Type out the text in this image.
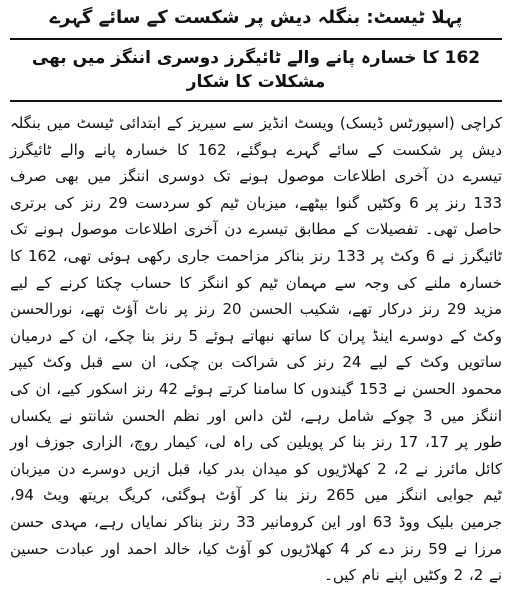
پہلا ٹیسٹ: بنگلہ دیش پر شکست کے سائے گہرے
162 کا خسارہ پانے والے ٹائیگرز دوسری اننگز میں بھی مشکلات کا شکار

کراچی (اسپورٹس ڈیسک) ویسٹ انڈیز سے سیریز کے ابتدائی ٹیسٹ میں بنگلہ دیش پر شکست کے سائے گہرے ہوگئے، 162 کا خسارہ پانے والے ٹائیگرز تیسرے دن آخری اطلاعات موصول ہونے تک دوسری اننگز میں بھی صرف 133 رنز پر 6 وکٹیں گنوا بیٹھے، میزبان ٹیم کو سردست 29 رنز کی برتری حاصل تھی۔ تفصیلات کے مطابق تیسرے دن آخری اطلاعات موصول ہونے تک ٹائیگرز نے 6 وکٹ پر 133 رنز بناکر مزاحمت جاری رکھی ہوئی تھی، 162 کا خسارہ ملنے کی وجہ سے مہمان ٹیم کو اننگز کا حساب چکتا کرنے کے لیے مزید 29 رنز درکار تھے، شکیب الحسن 20 رنز پر ناٹ آؤٹ تھے، نورالحسن وکٹ کے دوسرے اینڈ پران کا ساتھ نبھاتے ہوئے 5 رنز بنا چکے، ان کے درمیان ساتویں وکٹ کے لیے 24 رنز کی شراکت بن چکی، ان سے قبل وکٹ کیپر محمود الحسن نے 153 گیندوں کا سامنا کرتے ہوئے 42 رنز اسکور کیے، ان کی اننگز میں 3 چوکے شامل رہے، لٹن داس اور نظم الحسن شانتو نے یکساں طور پر 17، 17 رنز بنا کر پویلین کی راہ لی، کیمار روچ، الزاری جوزف اور کائل مائرز نے 2، 2 کھلاڑیوں کو میدان بدر کیا، قبل ازیں دوسرے دن میزبان ٹیم جوابی اننگز میں 265 رنز بنا کر آؤٹ ہوگئی، کریگ بریتھ ویٹ 94، جرمین بلیک ووڈ 63 اور این کرومانیر 33 رنز بناکر نمایاں رہے، مہدی حسن مرزا نے 59 رنز دے کر 4 کھلاڑیوں کو آؤٹ کیا، خالد احمد اور عبادت حسین نے 2، 2 وکٹیں اپنے نام کیں۔
